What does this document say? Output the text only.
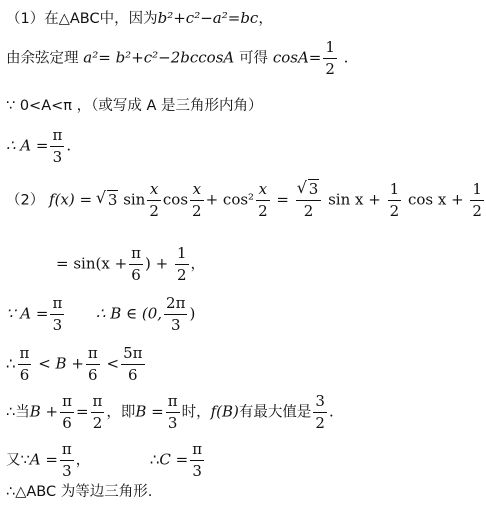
（1）在△ABC中，因为b²+c²−a²=bc，
由余弦定理 a²= b²+c²−2bccosA 可得 $\cos A= \frac{1}{2}$ .
∵ 0<A<π ，（或写成 A 是三角形内角）
∴ $A = \frac{\pi}{3}$ .
（2） f(x) = √ 3 $\sin \frac{x}{2}$ $\cos \frac{x}{2} + \cos^2 \frac{x}{2}$ = √ $\frac{3}{2}$ $\sin x + \frac{1}{2}$ $\cos x + \frac{1}{2}$
= $\sin(x + \frac{\pi}{6}$ ) + $\frac{1}{2}$ ，
∵ $A = \frac{\pi}{3}$ ∴ B ∈ (0, $\frac{2\pi}{3}$ )
∴ $\frac{\pi}{6} < B + \frac{\pi}{6} < \frac{5\pi}{6}$
∴当$B + \frac{\pi}{6} = \frac{\pi}{2}$ ，即$B = \frac{\pi}{3}$ 时，f(B)有最大值是 $\frac{3}{2}$ .
又∵A = $\frac{\pi}{3}$ ，	∴C = $\frac{\pi}{3}$
∴△ABC 为等边三角形.
